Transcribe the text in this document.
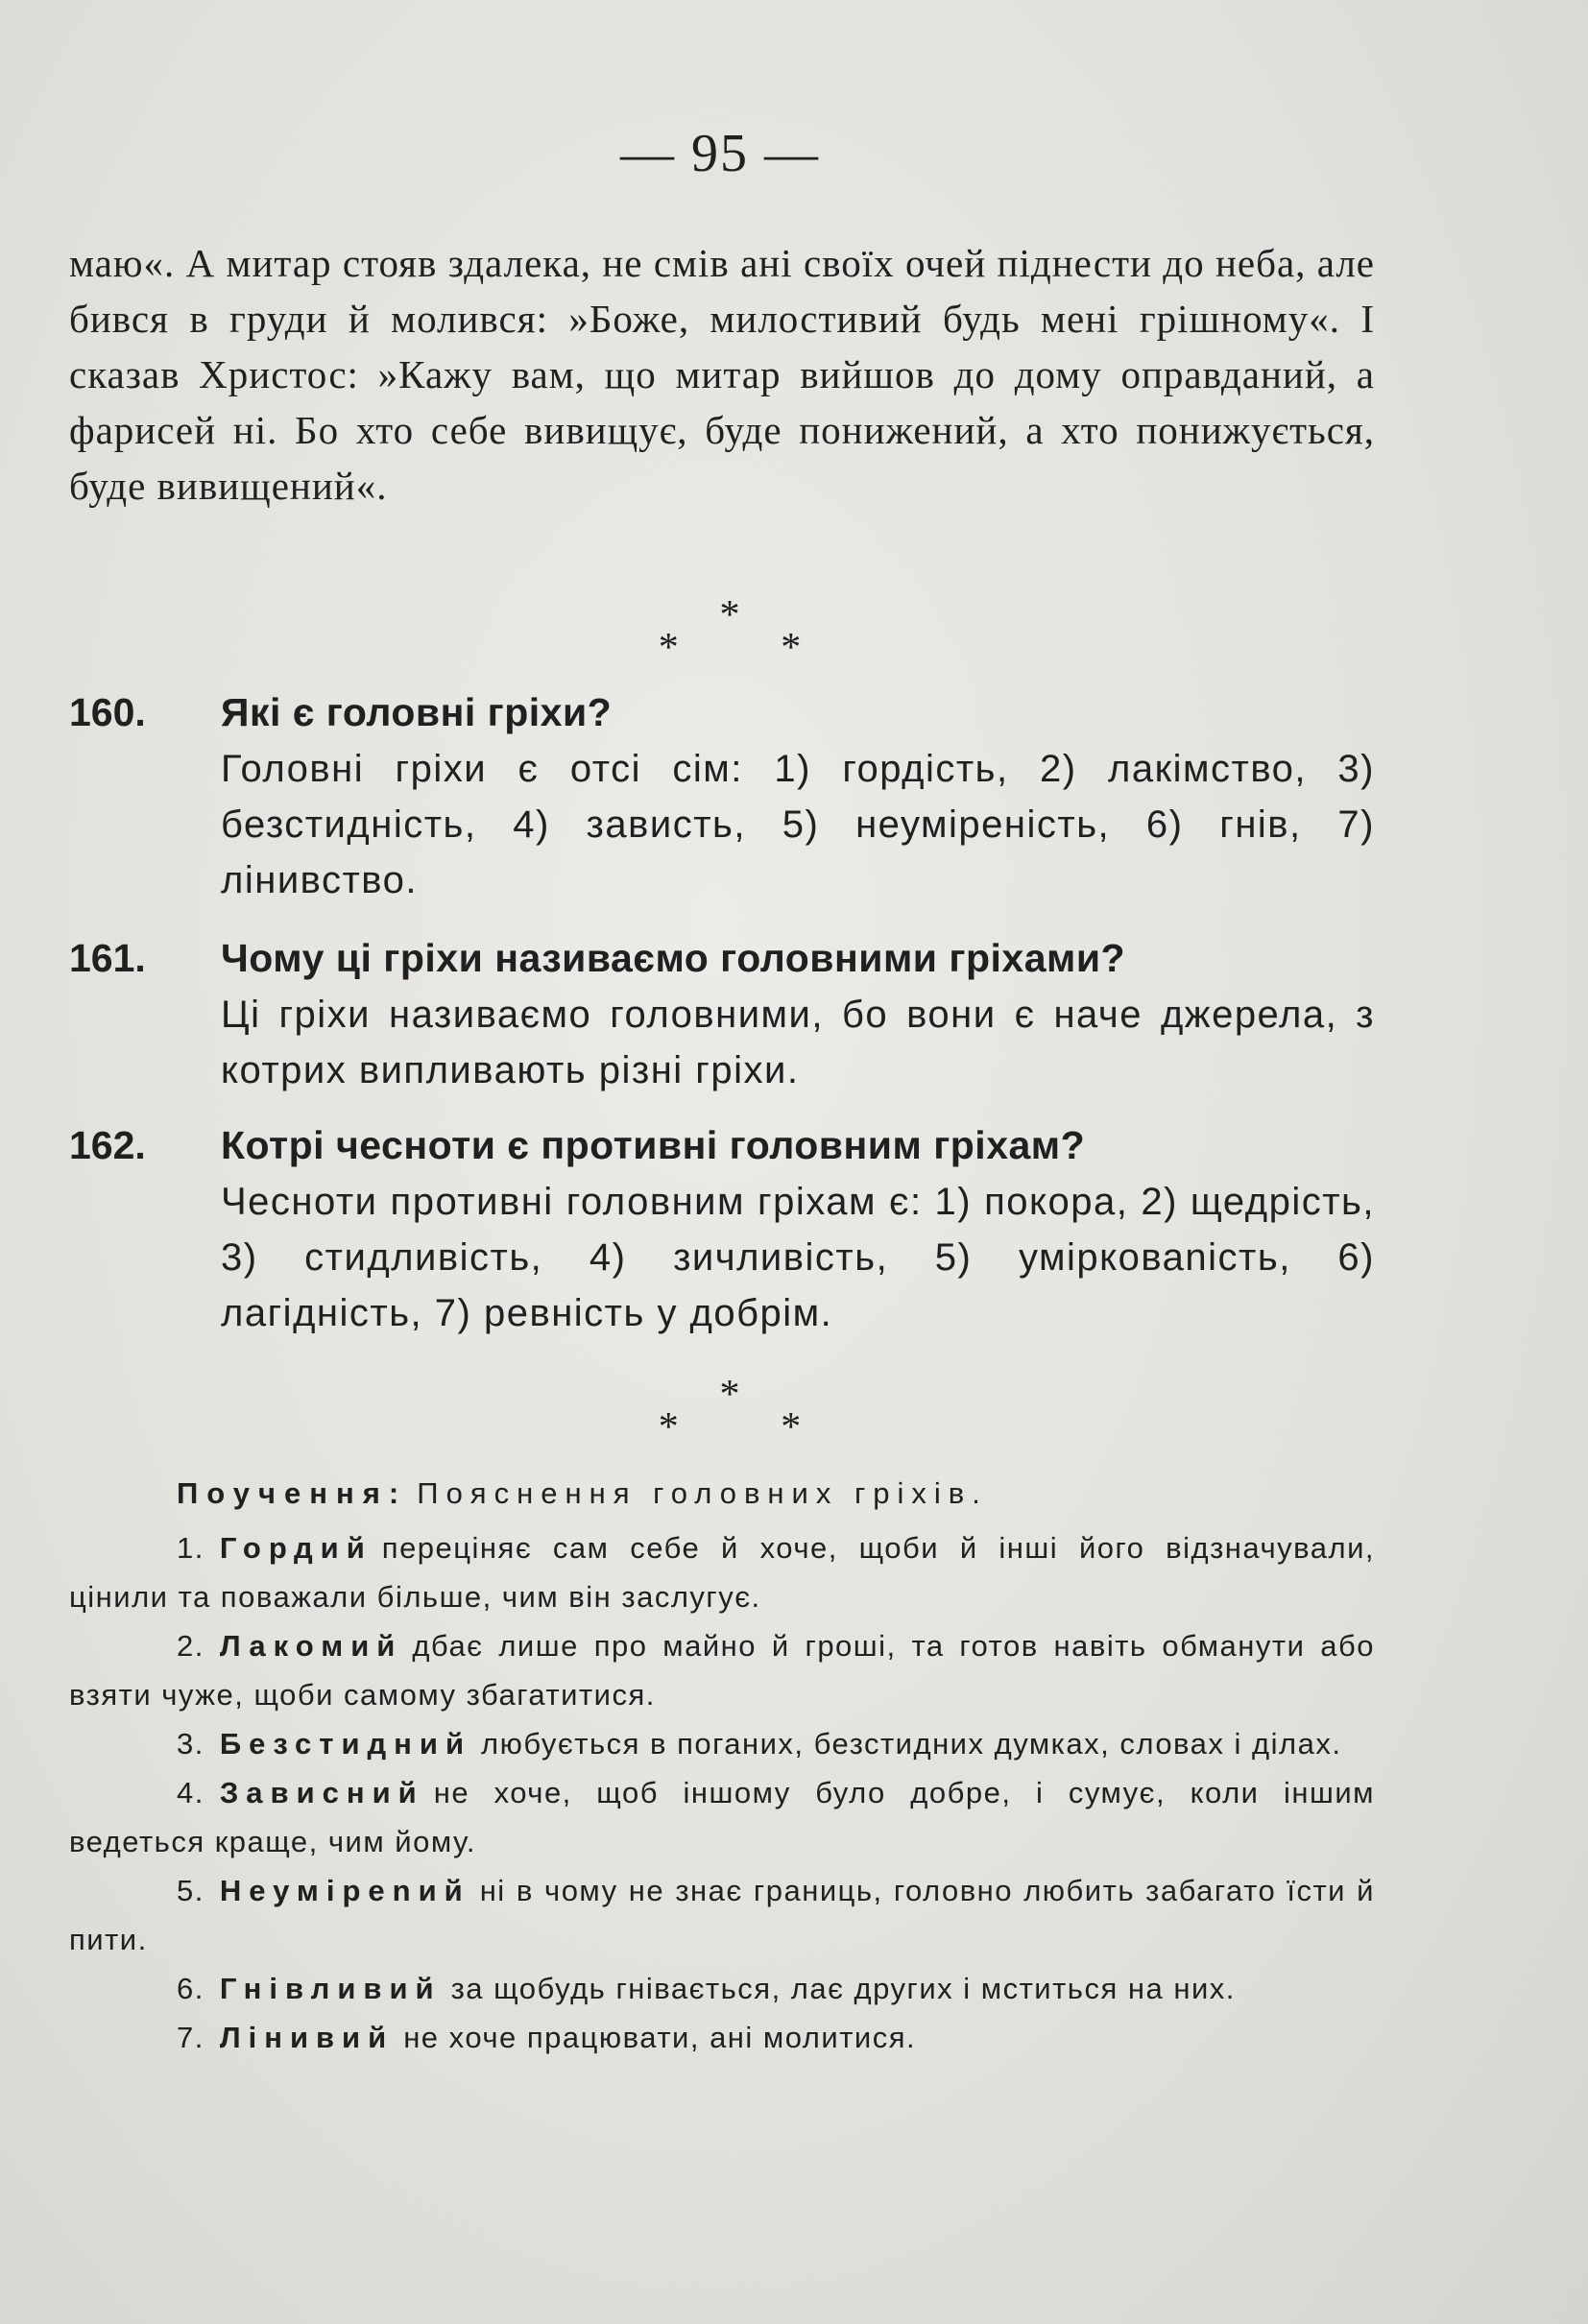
— 95 —

маю«. А митар стояв здалека, не смів ані своїх очей піднести до неба, але бився в груди й молився: »Боже, милостивий будь мені грішному«. І сказав Христос: »Кажу вам, що митар вийшов до дому оправданий, а фарисей ні. Бо хто себе вивищує, буде понижений, а хто понижується, буде вивищений«.

*
* *
160.	Які є головні гріхи?
Головні гріхи є отсі сім: 1) гордість, 2) лакімство, 3) безстидність, 4) зависть, 5) неуміреність, 6) гнів, 7) лінивство.
161.	Чому ці гріхи називаємо головними гріхами?
Ці гріхи називаємо головними, бо вони є наче джерела, з котрих випливають різні гріхи.
162.	Котрі чесноти є противні головним гріхам?
Чесноти противні головним гріхам є: 1) покора, 2) щедрість, 3) стидливість, 4) зичливість, 5) умірковаnість, 6) лагідність, 7) ревність у добрім.
*
* *
Поучення: Пояснення головних гріхів.
1. Гордий переціняє сам себе й хоче, щоби й інші його відзначували, цінили та поважали більше, чим він заслугує.
2. Лакомий дбає лише про майно й гроші, та готов навіть обманути або взяти чуже, щоби самому збагатитися.
3. Безстидний любується в поганих, безстидних думках, словах і ділах.
4. Зависний не хоче, щоб іншому було добре, і сумує, коли іншим ведеться краще, чим йому.
5. Неуміреnий ні в чому не знає границь, головно любить забагато їсти й пити.
6. Гнівливий за щобудь гнівається, лає других і мститься на них.
7. Лінивий не хоче працювати, ані молитися.
